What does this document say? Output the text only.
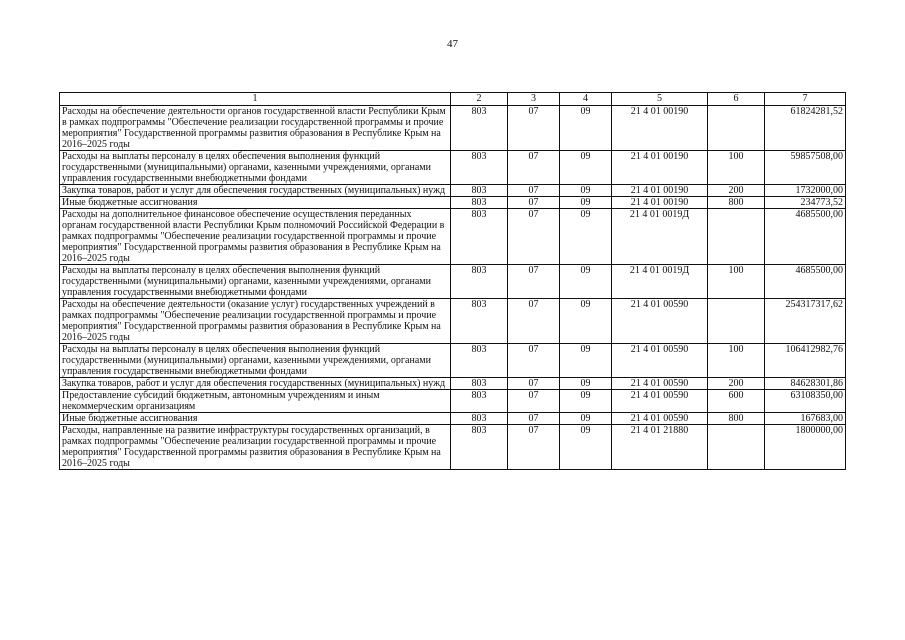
47
1	2	3	4	5	6	7
Расходы на обеспечение деятельности органов государственной власти Республики Крым в рамках подпрограммы "Обеспечение реализации государственной программы и прочие мероприятия" Государственной программы развития образования в Республике Крым на 2016–2025 годы	803	07	09	21 4 01 00190		61824281,52
Расходы на выплаты персоналу в целях обеспечения выполнения функций государственными (муниципальными) органами, казенными учреждениями, органами управления государственными внебюджетными фондами	803	07	09	21 4 01 00190	100	59857508,00
Закупка товаров, работ и услуг для обеспечения государственных (муниципальных) нужд	803	07	09	21 4 01 00190	200	1732000,00
Иные бюджетные ассигнования	803	07	09	21 4 01 00190	800	234773,52
Расходы на дополнительное финансовое обеспечение осуществления переданных органам государственной власти Республики Крым полномочий Российской Федерации в рамках подпрограммы "Обеспечение реализации государственной программы и прочие мероприятия" Государственной программы развития образования в Республике Крым на 2016–2025 годы	803	07	09	21 4 01 0019Д		4685500,00
Расходы на выплаты персоналу в целях обеспечения выполнения функций государственными (муниципальными) органами, казенными учреждениями, органами управления государственными внебюджетными фондами	803	07	09	21 4 01 0019Д	100	4685500,00
Расходы на обеспечение деятельности (оказание услуг) государственных учреждений в рамках подпрограммы "Обеспечение реализации государственной программы и прочие мероприятия" Государственной программы развития образования в Республике Крым на 2016–2025 годы	803	07	09	21 4 01 00590		254317317,62
Расходы на выплаты персоналу в целях обеспечения выполнения функций государственными (муниципальными) органами, казенными учреждениями, органами управления государственными внебюджетными фондами	803	07	09	21 4 01 00590	100	106412982,76
Закупка товаров, работ и услуг для обеспечения государственных (муниципальных) нужд	803	07	09	21 4 01 00590	200	84628301,86
Предоставление субсидий бюджетным, автономным учреждениям и иным некоммерческим организациям	803	07	09	21 4 01 00590	600	63108350,00
Иные бюджетные ассигнования	803	07	09	21 4 01 00590	800	167683,00
Расходы, направленные на развитие инфраструктуры государственных организаций, в рамках подпрограммы "Обеспечение реализации государственной программы и прочие мероприятия" Государственной программы развития образования в Республике Крым на 2016–2025 годы	803	07	09	21 4 01 21880		1800000,00
